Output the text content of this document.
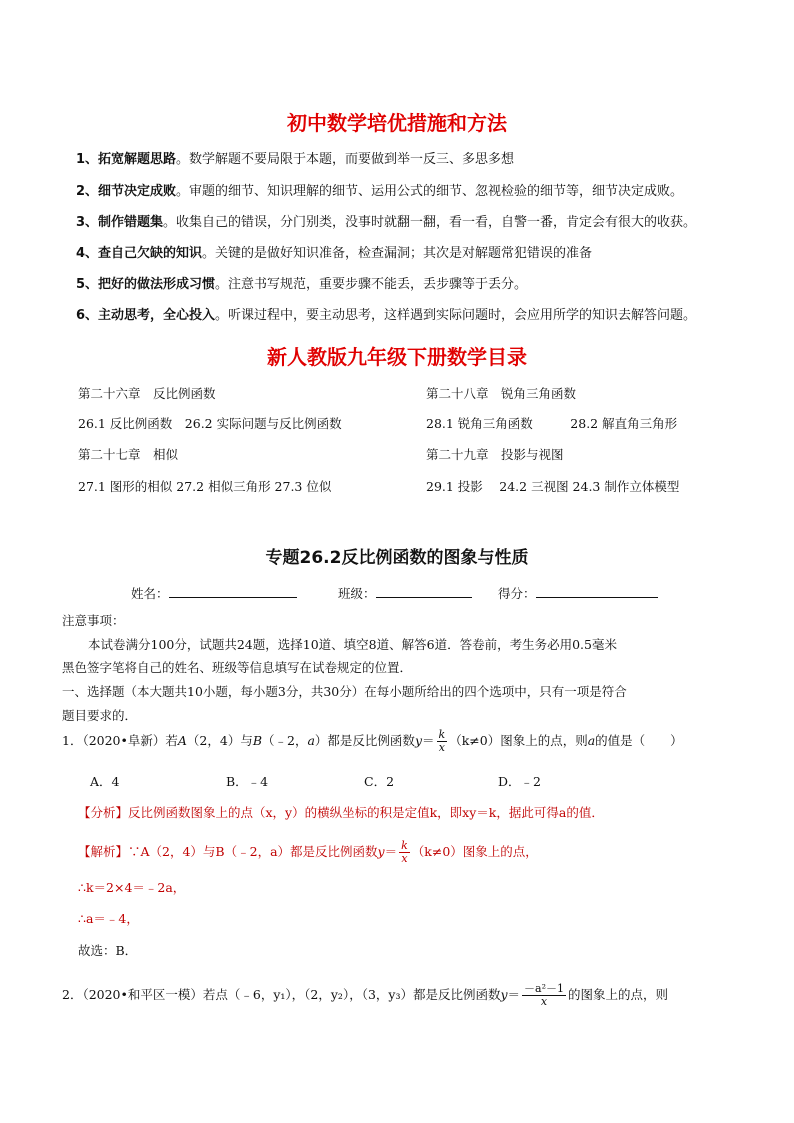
初中数学培优措施和方法
1、拓宽解题思路。数学解题不要局限于本题，而要做到举一反三、多思多想
2、细节决定成败。审题的细节、知识理解的细节、运用公式的细节、忽视检验的细节等，细节决定成败。
3、制作错题集。收集自己的错误，分门别类，没事时就翻一翻，看一看，自警一番，肯定会有很大的收获。
4、查自己欠缺的知识。关键的是做好知识准备，检查漏洞；其次是对解题常犯错误的准备
5、把好的做法形成习惯。注意书写规范，重要步骤不能丢，丢步骤等于丢分。
6、主动思考，全心投入。听课过程中，要主动思考，这样遇到实际问题时，会应用所学的知识去解答问题。
新人教版九年级下册数学目录
第二十六章　反比例函数
26.1 反比例函数　26.2 实际问题与反比例函数
第二十七章　相似
27.1 图形的相似 27.2 相似三角形 27.3 位似
第二十八章　锐角三角函数
28.1 锐角三角函数　　　28.2 解直角三角形
第二十九章　投影与视图
29.1 投影　 24.2 三视图 24.3 制作立体模型
专题26.2反比例函数的图象与性质
姓名：	班级：	得分：
注意事项：
本试卷满分100分，试题共24题，选择10道、填空8道、解答6道．答卷前，考生务必用0.5毫米
黑色签字笔将自己的姓名、班级等信息填写在试卷规定的位置．
一、选择题（本大题共10小题，每小题3分，共30分）在每小题所给出的四个选项中，只有一项是符合
题目要求的．
1．（2020•阜新）若A（2，4）与B（﹣2，a）都是反比例函数$y= \frac{k}{x} (k\ne 0)$图象上的点，则a的值是（　　）
A．4	B．﹣4	C．2	D．﹣2
【分析】反比例函数图象上的点（x，y）的横纵坐标的积是定值k，即xy＝k，据此可得a的值．
【解析】∵A（2，4）与B（﹣2，a）都是反比例函数$y= \frac{k}{x} (k\ne 0)$图象上的点，
∴k＝2×4＝﹣2a，
∴a＝﹣4，
故选：B．
2．（2020•和平区一模）若点（﹣6，y₁），（2，y₂），（3，y₃）都是反比例函数$y= \frac{\text{－a²－1}}{x}$ 的图象上的点，则
